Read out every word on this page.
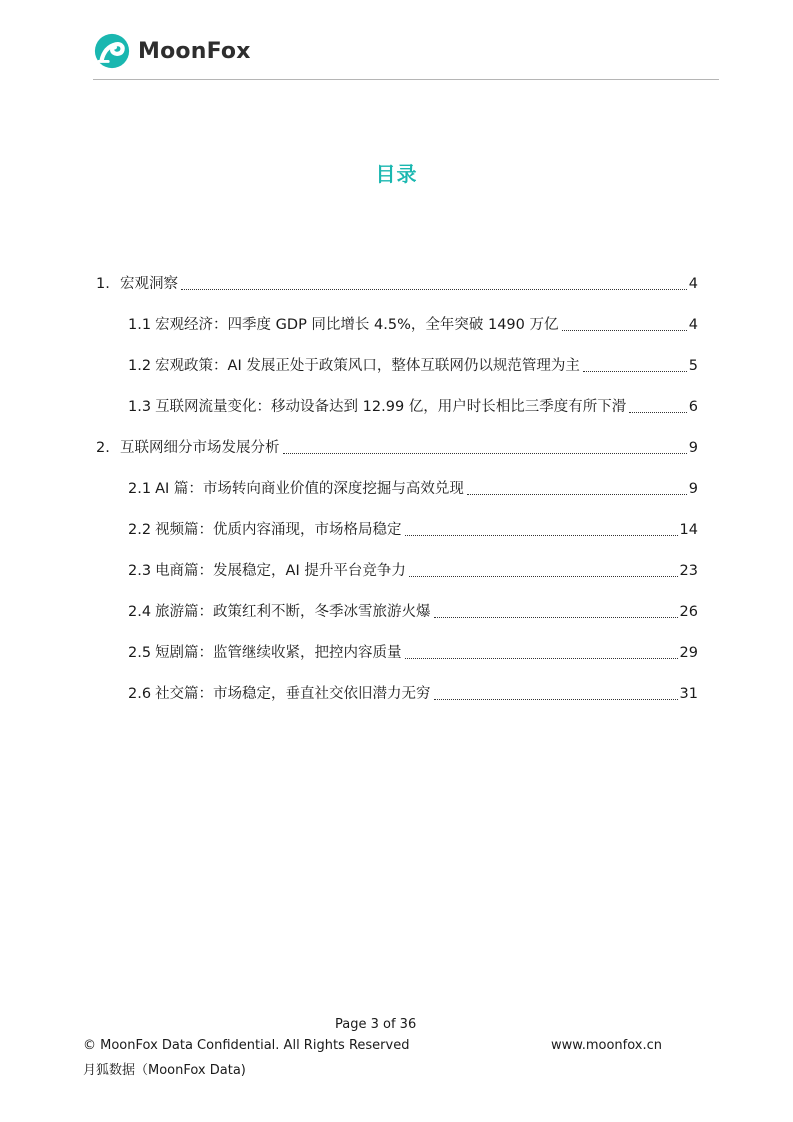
MoonFox
目录
1. 宏观洞察	4
1.1 宏观经济：四季度 GDP 同比增长 4.5%，全年突破 1490 万亿	4
1.2 宏观政策：AI 发展正处于政策风口，整体互联网仍以规范管理为主	5
1.3 互联网流量变化：移动设备达到 12.99 亿，用户时长相比三季度有所下滑	6
2. 互联网细分市场发展分析	9
2.1 AI 篇：市场转向商业价值的深度挖掘与高效兑现	9
2.2 视频篇：优质内容涌现，市场格局稳定	14
2.3 电商篇：发展稳定，AI 提升平台竞争力	23
2.4 旅游篇：政策红利不断，冬季冰雪旅游火爆	26
2.5 短剧篇：监管继续收紧，把控内容质量	29
2.6 社交篇：市场稳定，垂直社交依旧潜力无穷	31
Page 3 of 36
© MoonFox Data Confidential. All Rights Reserved	www.moonfox.cn
月狐数据（MoonFox Data)
